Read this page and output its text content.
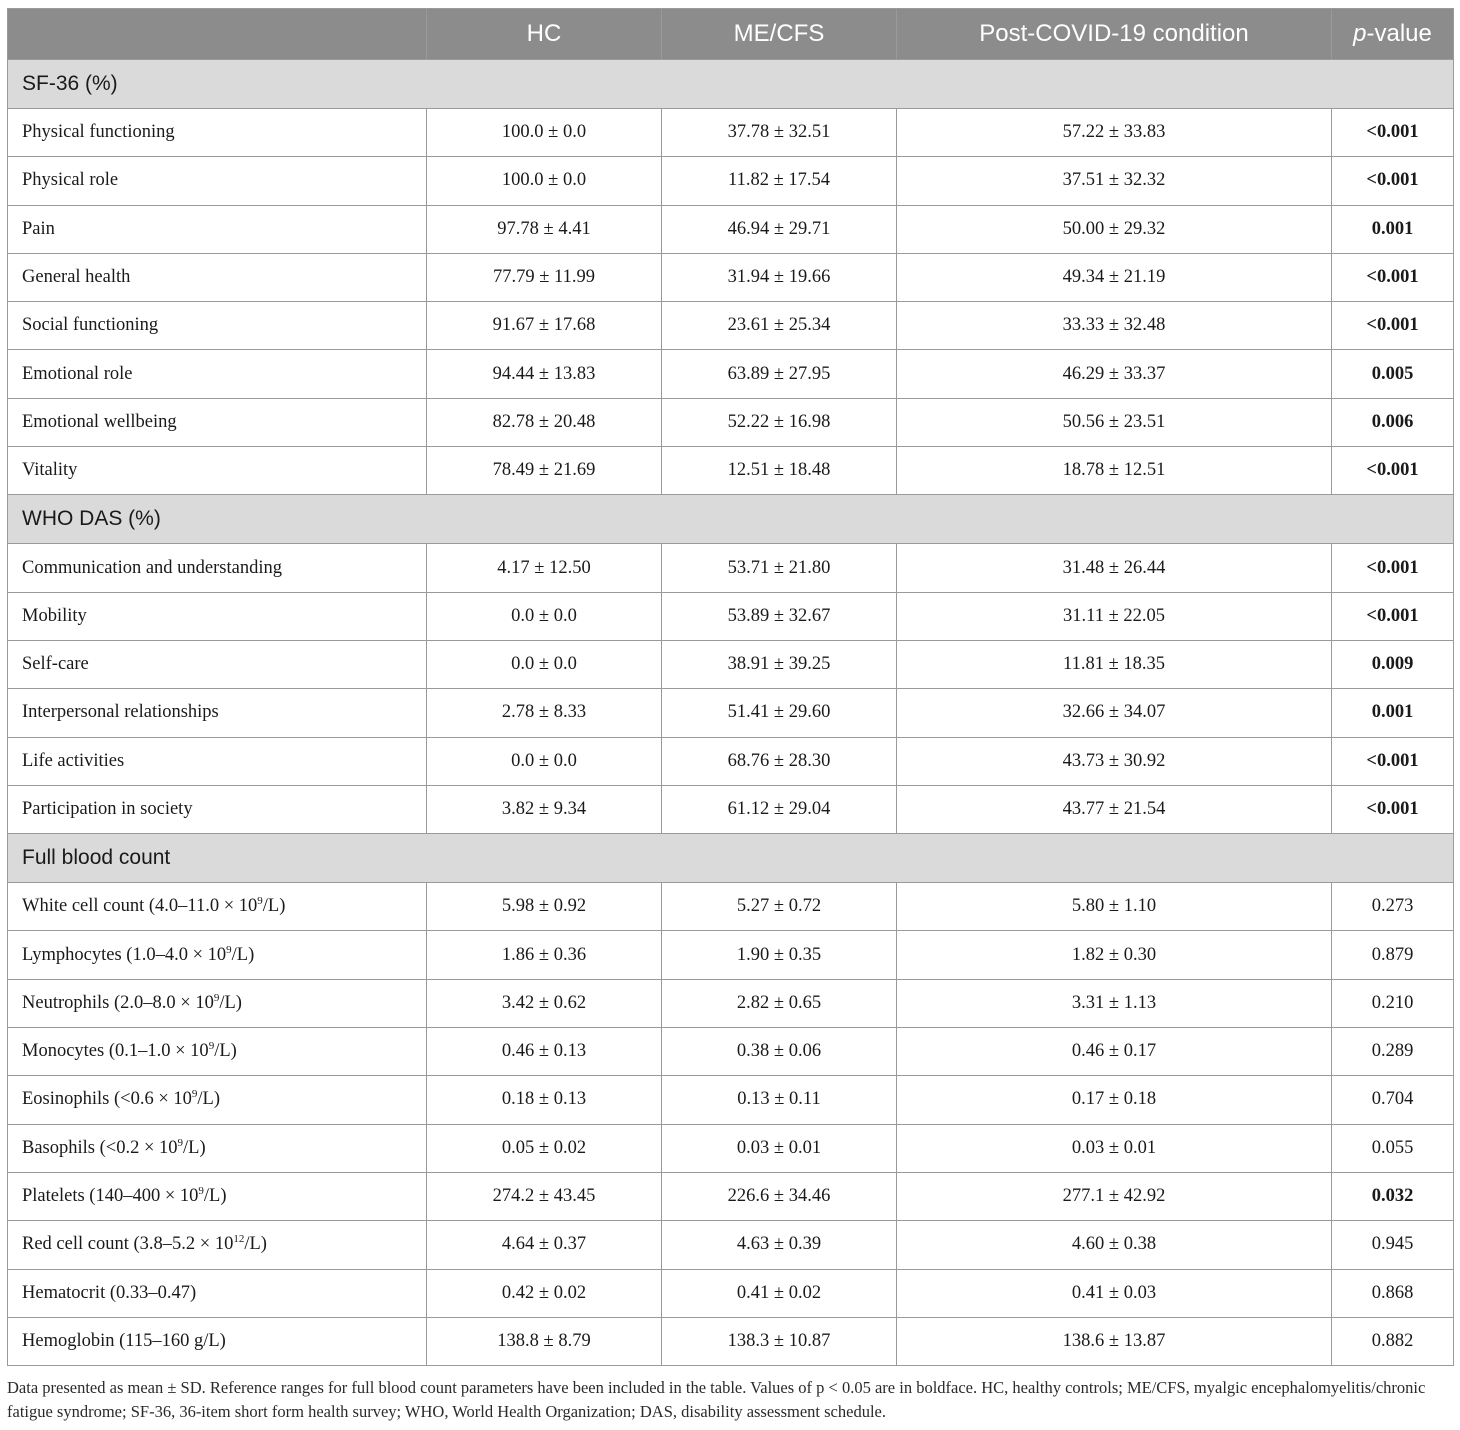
	HC	ME/CFS	Post-COVID-19 condition	p-value
SF-36 (%)				
Physical functioning	100.0 ± 0.0	37.78 ± 32.51	57.22 ± 33.83	<0.001
Physical role	100.0 ± 0.0	11.82 ± 17.54	37.51 ± 32.32	<0.001
Pain	97.78 ± 4.41	46.94 ± 29.71	50.00 ± 29.32	0.001
General health	77.79 ± 11.99	31.94 ± 19.66	49.34 ± 21.19	<0.001
Social functioning	91.67 ± 17.68	23.61 ± 25.34	33.33 ± 32.48	<0.001
Emotional role	94.44 ± 13.83	63.89 ± 27.95	46.29 ± 33.37	0.005
Emotional wellbeing	82.78 ± 20.48	52.22 ± 16.98	50.56 ± 23.51	0.006
Vitality	78.49 ± 21.69	12.51 ± 18.48	18.78 ± 12.51	<0.001
WHO DAS (%)				
Communication and understanding	4.17 ± 12.50	53.71 ± 21.80	31.48 ± 26.44	<0.001
Mobility	0.0 ± 0.0	53.89 ± 32.67	31.11 ± 22.05	<0.001
Self-care	0.0 ± 0.0	38.91 ± 39.25	11.81 ± 18.35	0.009
Interpersonal relationships	2.78 ± 8.33	51.41 ± 29.60	32.66 ± 34.07	0.001
Life activities	0.0 ± 0.0	68.76 ± 28.30	43.73 ± 30.92	<0.001
Participation in society	3.82 ± 9.34	61.12 ± 29.04	43.77 ± 21.54	<0.001
Full blood count				
White cell count $(4.0-11.0 \times 10^9/L)$	5.98 ± 0.92	5.27 ± 0.72	5.80 ± 1.10	0.273
Lymphocytes $(1.0-4.0 \times 10^9/L)$	1.86 ± 0.36	1.90 ± 0.35	1.82 ± 0.30	0.879
Neutrophils $(2.0-8.0 \times 10^9/L)$	3.42 ± 0.62	2.82 ± 0.65	3.31 ± 1.13	0.210
Monocytes $(0.1-1.0 \times 10^9/L)$	0.46 ± 0.13	0.38 ± 0.06	0.46 ± 0.17	0.289
Eosinophils $(<0.6 \times 10^9/L)$	0.18 ± 0.13	0.13 ± 0.11	0.17 ± 0.18	0.704
Basophils $(<0.2 \times 10^9/L)$	0.05 ± 0.02	0.03 ± 0.01	0.03 ± 0.01	0.055
Platelets $(140-400 \times 10^9/L)$	274.2 ± 43.45	226.6 ± 34.46	277.1 ± 42.92	0.032
Red cell count $(3.8-5.2 \times 10^{12}/L)$	4.64 ± 0.37	4.63 ± 0.39	4.60 ± 0.38	0.945
Hematocrit (0.33–0.47)	0.42 ± 0.02	0.41 ± 0.02	0.41 ± 0.03	0.868
Hemoglobin (115–160 g/L)	138.8 ± 8.79	138.3 ± 10.87	138.6 ± 13.87	0.882
Data presented as mean ± SD. Reference ranges for full blood count parameters have been included in the table. Values of p < 0.05 are in boldface. HC, healthy controls; ME/CFS, myalgic encephalomyelitis/chronic fatigue syndrome; SF-36, 36-item short form health survey; WHO, World Health Organization; DAS, disability assessment schedule.
